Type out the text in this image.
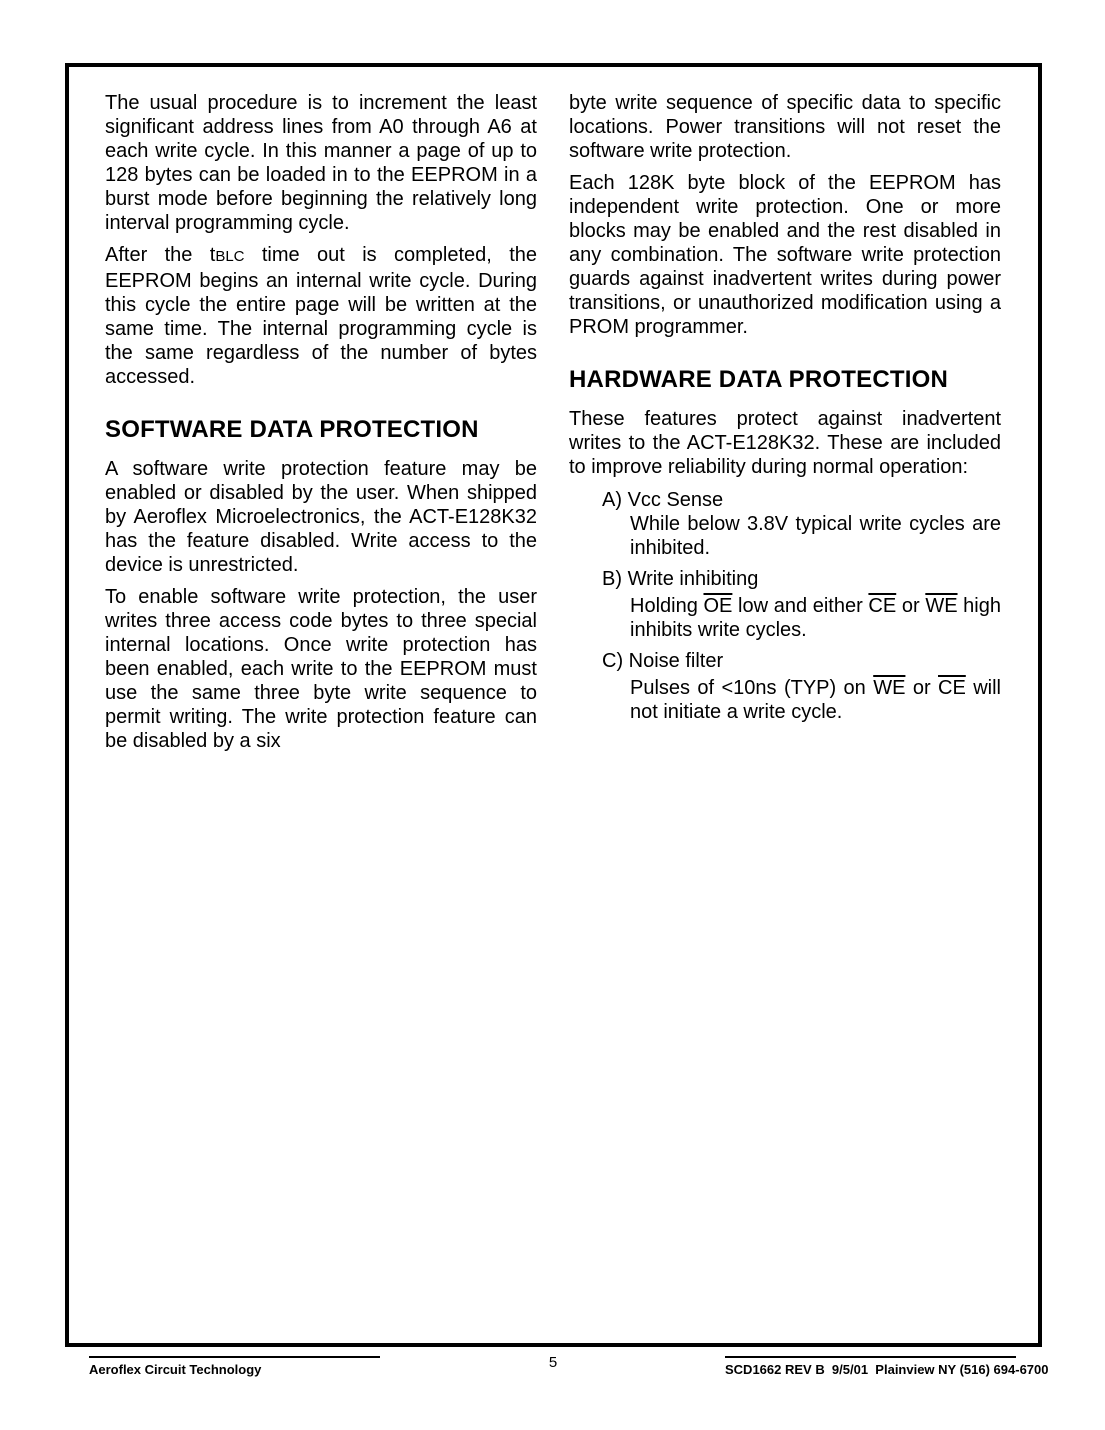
The usual procedure is to increment the least significant address lines from A0 through A6 at each write cycle. In this manner a page of up to 128 bytes can be loaded in to the EEPROM in a burst mode before beginning the relatively long interval programming cycle.

After the tBLC time out is completed, the EEPROM begins an internal write cycle. During this cycle the entire page will be written at the same time. The internal programming cycle is the same regardless of the number of bytes accessed.

SOFTWARE DATA PROTECTION

A software write protection feature may be enabled or disabled by the user. When shipped by Aeroflex Microelectronics, the ACT-E128K32 has the feature disabled. Write access to the device is unrestricted.

To enable software write protection, the user writes three access code bytes to three special internal locations. Once write protection has been enabled, each write to the EEPROM must use the same three byte write sequence to permit writing. The write protection feature can be disabled by a six

byte write sequence of specific data to specific locations. Power transitions will not reset the software write protection.

Each 128K byte block of the EEPROM has independent write protection. One or more blocks may be enabled and the rest disabled in any combination. The software write protection guards against inadvertent writes during power transitions, or unauthorized modification using a PROM programmer.

HARDWARE DATA PROTECTION

These features protect against inadvertent writes to the ACT-E128K32. These are included to improve reliability during normal operation:

A) Vcc Sense
While below 3.8V typical write cycles are inhibited.
B) Write inhibiting
Holding $\overline{OE}$ low and either $\overline{CE}$ or $\overline{WE}$ high inhibits write cycles.
C) Noise filter
Pulses of <10ns (TYP) on $\overline{WE}$ or $\overline{CE}$ will not initiate a write cycle.
Aeroflex Circuit Technology	5	SCD1662 REV B  9/5/01  Plainview NY (516) 694-6700
